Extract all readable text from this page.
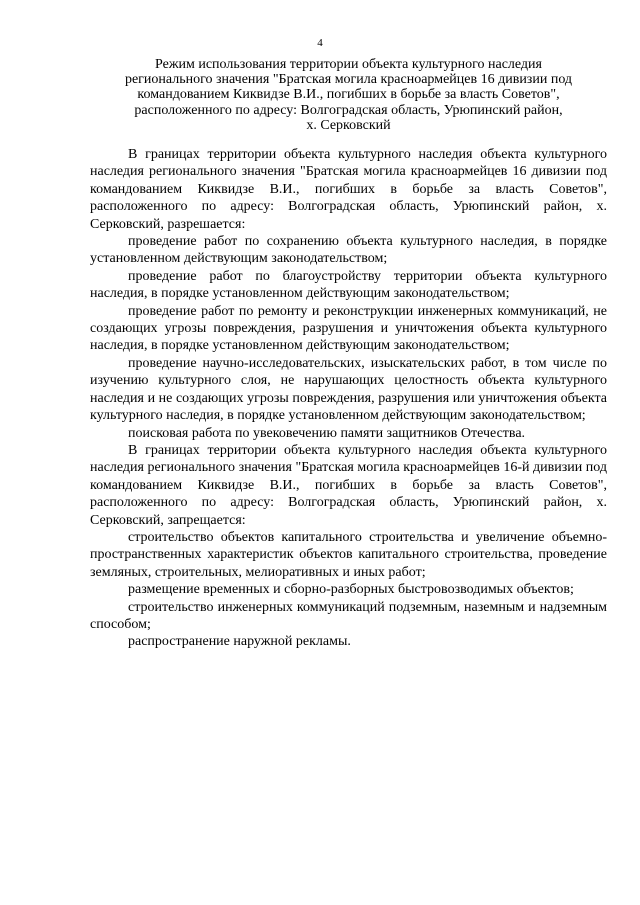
4
Режим использования территории объекта культурного наследия
регионального значения "Братская могила красноармейцев 16 дивизии под
командованием Киквидзе В.И., погибших в борьбе за власть Советов",
расположенного по адресу: Волгоградская область, Урюпинский район,
х. Серковский

В границах территории объекта культурного наследия объекта культурного наследия регионального значения "Братская могила красноармейцев 16 дивизии под командованием Киквидзе В.И., погибших в борьбе за власть Советов", расположенного по адресу: Волгоградская область, Урюпинский район, х. Серковский, разрешается:

проведение работ по сохранению объекта культурного наследия, в порядке установленном действующим законодательством;

проведение работ по благоустройству территории объекта культурного наследия, в порядке установленном действующим законодательством;

проведение работ по ремонту и реконструкции инженерных коммуникаций, не создающих угрозы повреждения, разрушения и уничтожения объекта культурного наследия, в порядке установленном действующим законодательством;

проведение научно-исследовательских, изыскательских работ, в том числе по изучению культурного слоя, не нарушающих целостность объекта культурного наследия и не создающих угрозы повреждения, разрушения или уничтожения объекта культурного наследия, в порядке установленном действующим законодательством;

поисковая работа по увековечению памяти защитников Отечества.

В границах территории объекта культурного наследия объекта культурного наследия регионального значения "Братская могила красноармейцев 16-й дивизии под командованием Киквидзе В.И., погибших в борьбе за власть Советов", расположенного по адресу: Волгоградская область, Урюпинский район, х. Серковский, запрещается:

строительство объектов капитального строительства и увеличение объемно-пространственных характеристик объектов капитального строительства, проведение земляных, строительных, мелиоративных и иных работ;

размещение временных и сборно-разборных быстровозводимых объектов;

строительство инженерных коммуникаций подземным, наземным и надземным способом;

распространение наружной рекламы.
